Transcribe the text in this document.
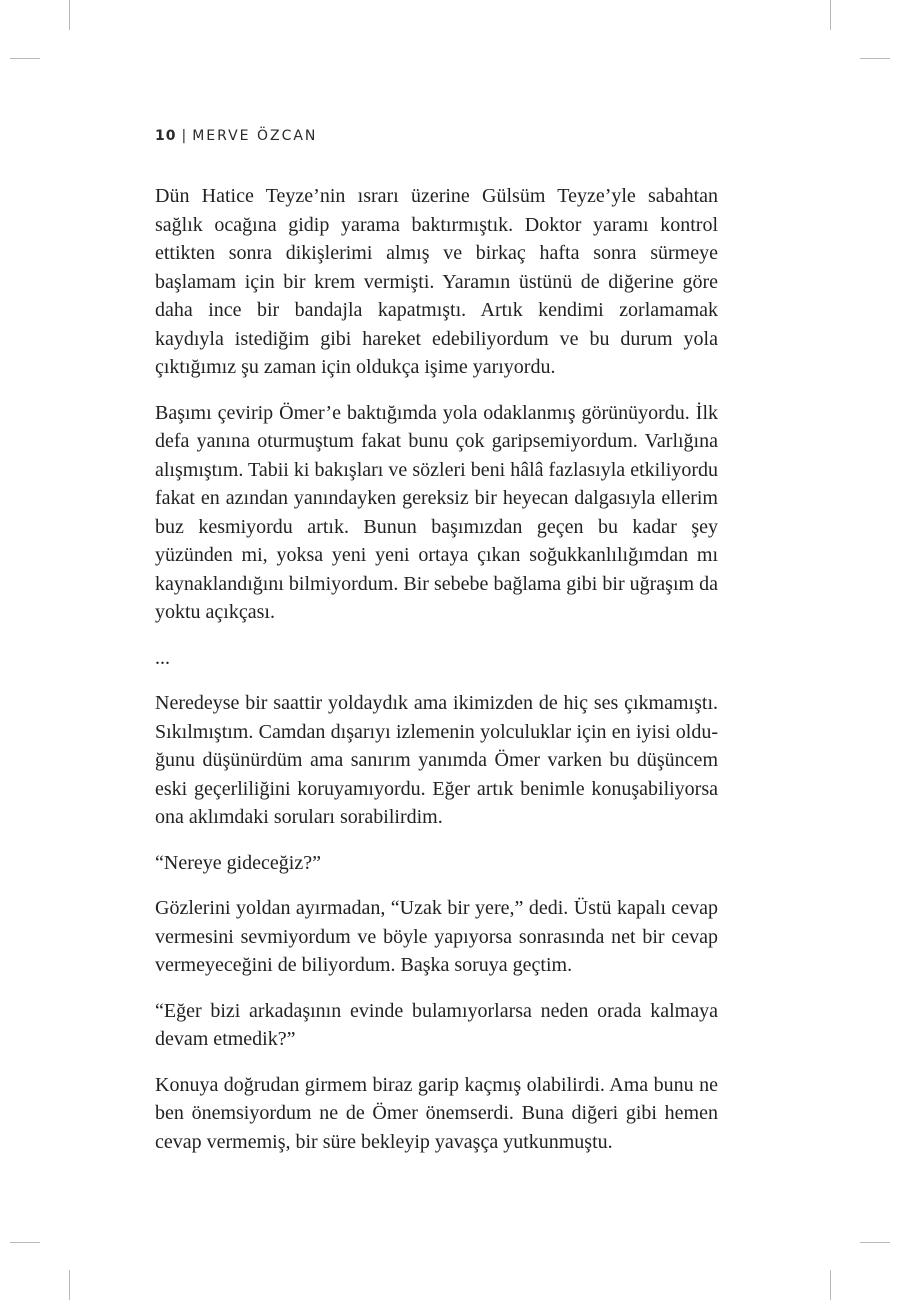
10 | MERVE ÖZCAN

Dün Hatice Teyze’nin ısrarı üzerine Gülsüm Teyze’yle sabahtan sağlık ocağına gidip yarama baktırmıştık. Doktor yaramı kontrol ettikten sonra dikişlerimi almış ve birkaç hafta sonra sürmeye başlamam için bir krem vermişti. Yaramın üstünü de diğerine göre daha ince bir bandajla kapatmıştı. Artık kendimi zorlamamak kaydıyla istediğim gibi hareket edebiliyordum ve bu durum yola çıktığımız şu zaman için oldukça işime yarıyordu.

Başımı çevirip Ömer’e baktığımda yola odaklanmış görünüyordu. İlk defa yanına oturmuştum fakat bunu çok garipsemiyordum. Varlığına alışmıştım. Tabii ki bakışları ve sözleri beni hâlâ fazlasıyla etkiliyordu fakat en azından yanındayken gereksiz bir heyecan dalgasıyla ellerim buz kesmiyordu artık. Bunun başımızdan geçen bu kadar şey yüzünden mi, yoksa yeni yeni ortaya çıkan soğukkanlılığımdan mı kaynaklandığını bilmiyordum. Bir sebebe bağlama gibi bir uğraşım da yoktu açıkçası.

...

Neredeyse bir saattir yoldaydık ama ikimizden de hiç ses çıkmamıştı. Sıkılmıştım. Camdan dışarıyı izlemenin yolculuklar için en iyisi olduğunu düşünürdüm ama sanırım yanımda Ömer varken bu düşüncem eski geçerliliğini koruyamıyordu. Eğer artık benimle konuşabiliyorsa ona aklımdaki soruları sorabilirdim.

“Nereye gideceğiz?”

Gözlerini yoldan ayırmadan, “Uzak bir yere,” dedi. Üstü kapalı cevap vermesini sevmiyordum ve böyle yapıyorsa sonrasında net bir cevap vermeyeceğini de biliyordum. Başka soruya geçtim.

“Eğer bizi arkadaşının evinde bulamıyorlarsa neden orada kalmaya devam etmedik?”

Konuya doğrudan girmem biraz garip kaçmış olabilirdi. Ama bunu ne ben önemsiyordum ne de Ömer önemserdi. Buna diğeri gibi hemen cevap vermemiş, bir süre bekleyip yavaşça yutkunmuştu.
